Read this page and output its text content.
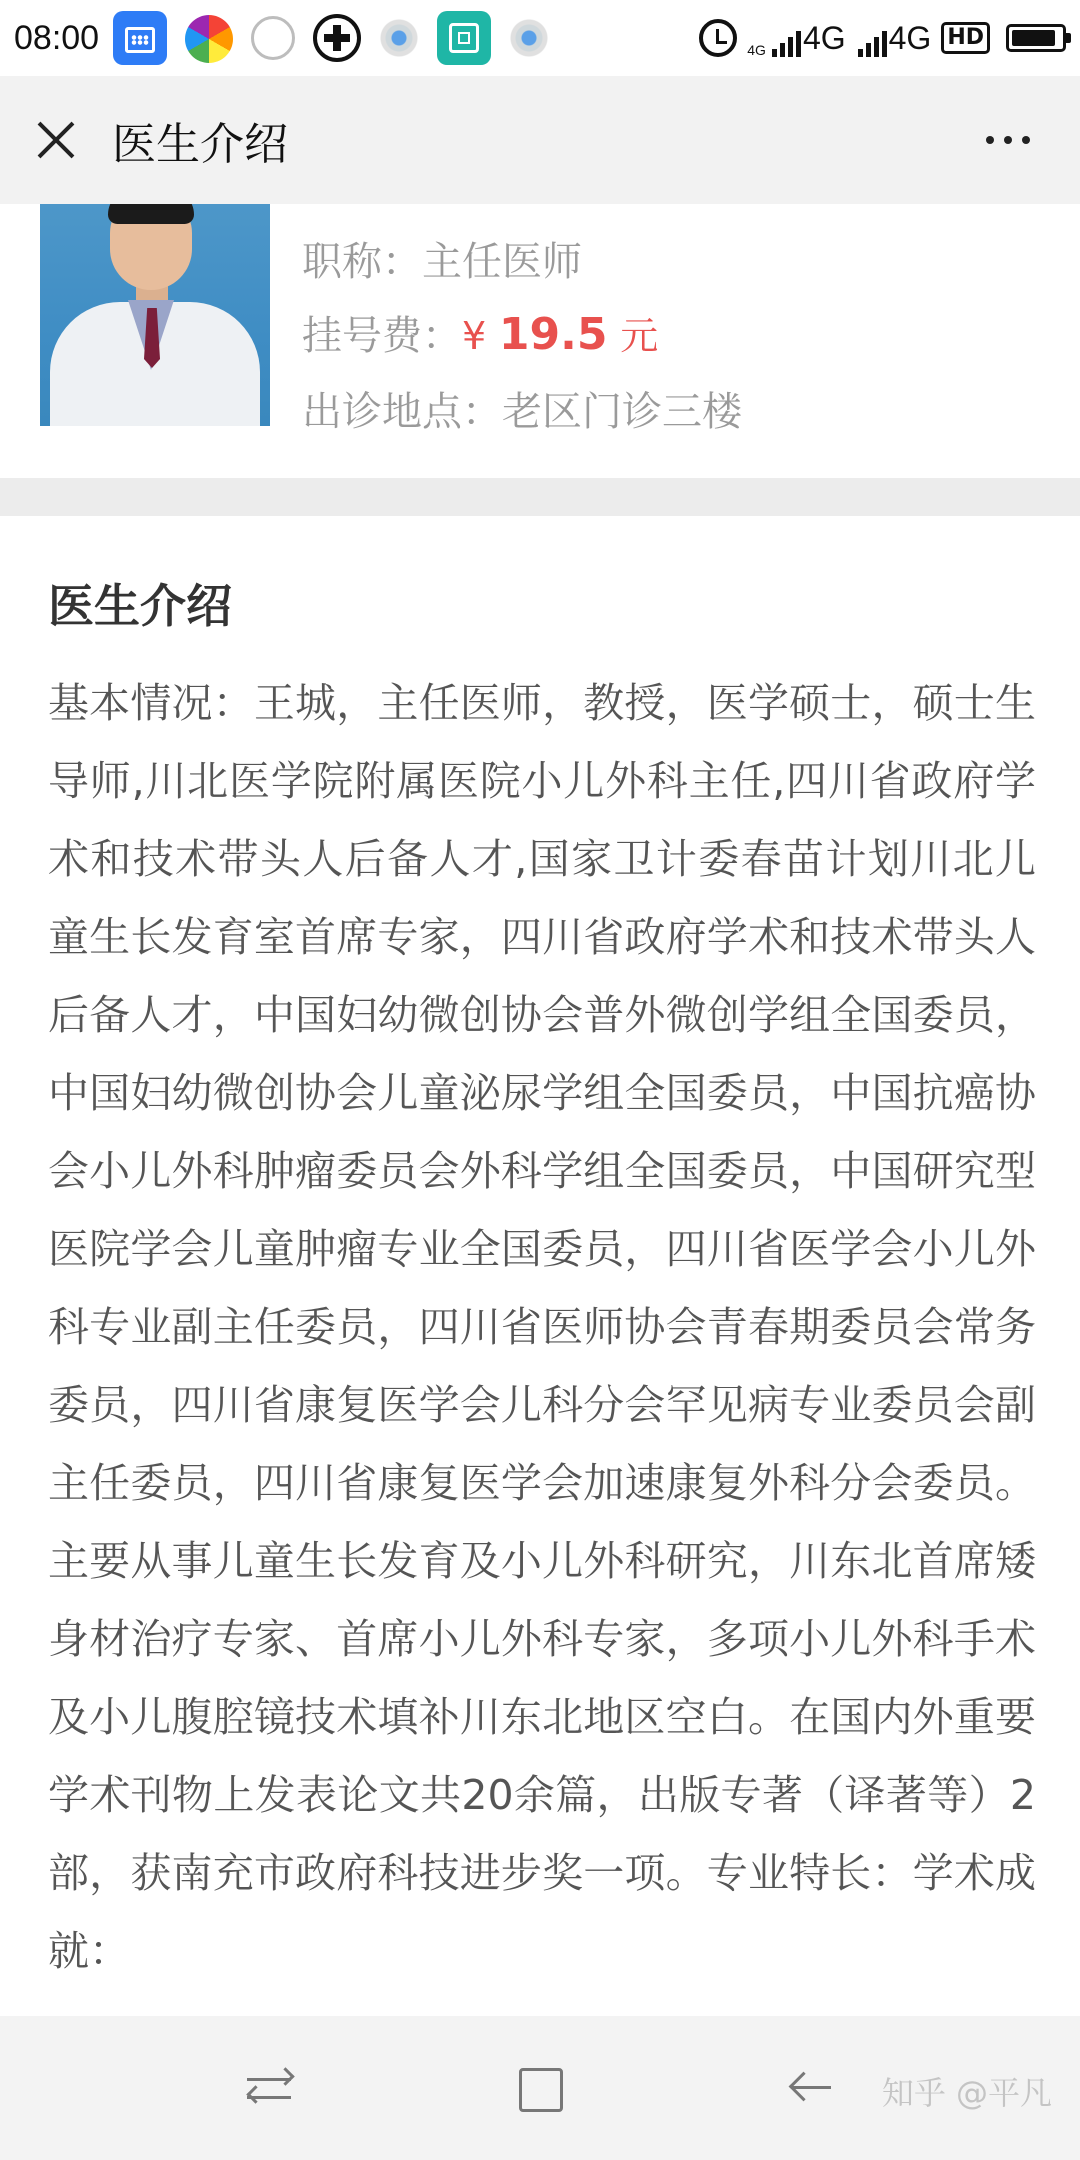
08:00	4G 4G 4G HD
医生介绍
职称：主任医师
挂号费：¥ 19.5 元
出诊地点：老区门诊三楼
医生介绍
基本情况：王城，主任医师，教授，医学硕士，硕士生导师,川北医学院附属医院小儿外科主任,四川省政府学术和技术带头人后备人才,国家卫计委春苗计划川北儿童生长发育室首席专家，四川省政府学术和技术带头人后备人才，中国妇幼微创协会普外微创学组全国委员，中国妇幼微创协会儿童泌尿学组全国委员，中国抗癌协会小儿外科肿瘤委员会外科学组全国委员，中国研究型医院学会儿童肿瘤专业全国委员，四川省医学会小儿外科专业副主任委员，四川省医师协会青春期委员会常务委员，四川省康复医学会儿科分会罕见病专业委员会副主任委员，四川省康复医学会加速康复外科分会委员。主要从事儿童生长发育及小儿外科研究，川东北首席矮身材治疗专家、首席小儿外科专家，多项小儿外科手术及小儿腹腔镜技术填补川东北地区空白。在国内外重要学术刊物上发表论文共20余篇，出版专著（译著等）2部，获南充市政府科技进步奖一项。专业特长：学术成就：
知乎 @平凡
